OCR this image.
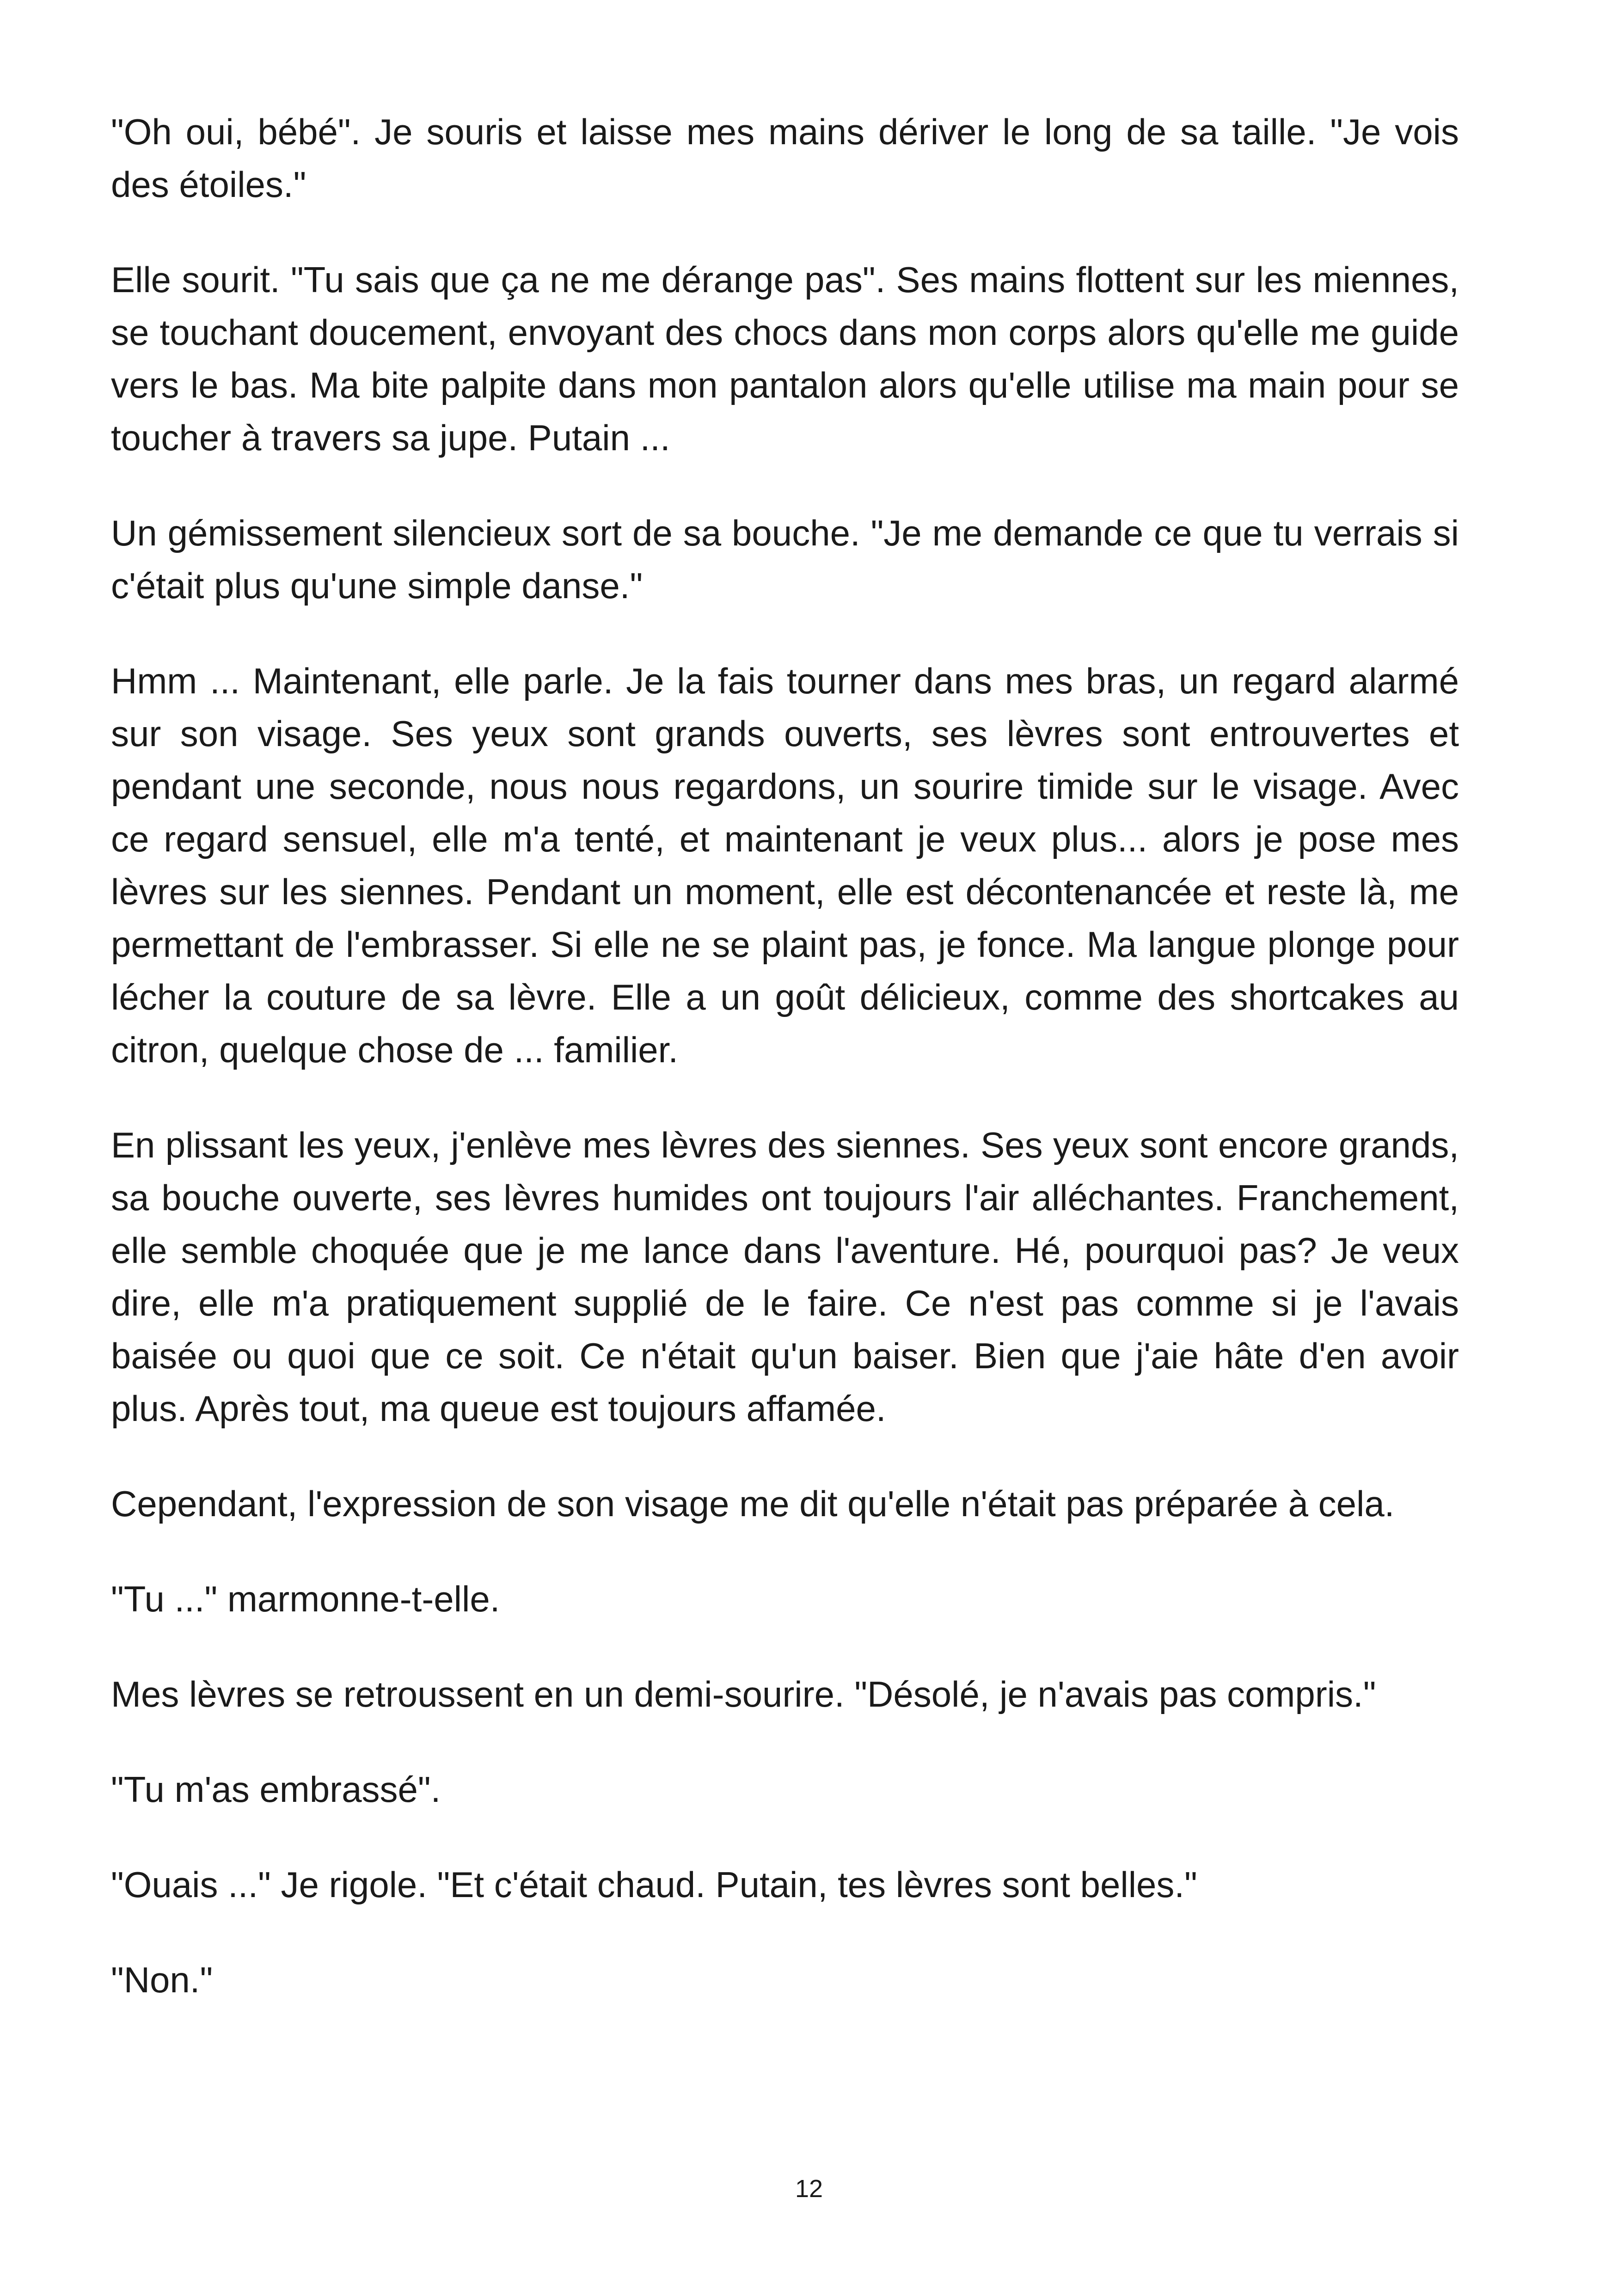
"Oh oui, bébé". Je souris et laisse mes mains dériver le long de sa taille. "Je vois des étoiles."

Elle sourit. "Tu sais que ça ne me dérange pas". Ses mains flottent sur les miennes, se touchant doucement, envoyant des chocs dans mon corps alors qu'elle me guide vers le bas. Ma bite palpite dans mon pantalon alors qu'elle utilise ma main pour se toucher à travers sa jupe. Putain ...

Un gémissement silencieux sort de sa bouche. "Je me demande ce que tu verrais si c'était plus qu'une simple danse."

Hmm ... Maintenant, elle parle. Je la fais tourner dans mes bras, un regard alarmé sur son visage. Ses yeux sont grands ouverts, ses lèvres sont entrouvertes et pendant une seconde, nous nous regardons, un sourire timide sur le visage. Avec ce regard sensuel, elle m'a tenté, et maintenant je veux plus... alors je pose mes lèvres sur les siennes. Pendant un moment, elle est décontenancée et reste là, me permettant de l'embrasser. Si elle ne se plaint pas, je fonce. Ma langue plonge pour lécher la couture de sa lèvre. Elle a un goût délicieux, comme des shortcakes au citron, quelque chose de ... familier.

En plissant les yeux, j'enlève mes lèvres des siennes. Ses yeux sont encore grands, sa bouche ouverte, ses lèvres humides ont toujours l'air alléchantes. Franchement, elle semble choquée que je me lance dans l'aventure. Hé, pourquoi pas? Je veux dire, elle m'a pratiquement supplié de le faire. Ce n'est pas comme si je l'avais baisée ou quoi que ce soit. Ce n'était qu'un baiser. Bien que j'aie hâte d'en avoir plus. Après tout, ma queue est toujours affamée.

Cependant, l'expression de son visage me dit qu'elle n'était pas préparée à cela.

"Tu ..." marmonne-t-elle.

Mes lèvres se retroussent en un demi-sourire. "Désolé, je n'avais pas compris."

"Tu m'as embrassé".

"Ouais ..." Je rigole. "Et c'était chaud. Putain, tes lèvres sont belles."

"Non."

12
